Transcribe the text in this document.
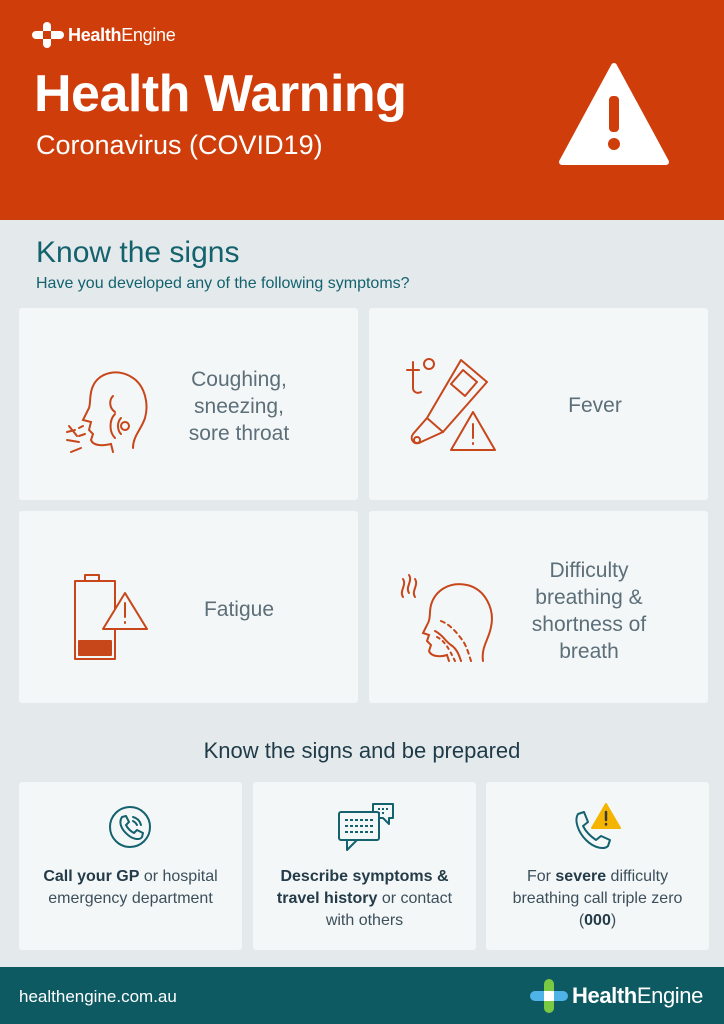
HealthEngine
Health Warning
Coronavirus (COVID19)
Know the signs
Have you developed any of the following symptoms?
Coughing,
sneezing,
sore throat
Fever
Fatigue
Difficulty
breathing &
shortness of
breath
Know the signs and be prepared
Call your GP or hospital emergency department
Describe symptoms & travel history or contact with others
For severe difficulty breathing call triple zero (000)
healthengine.com.au	HealthEngine
